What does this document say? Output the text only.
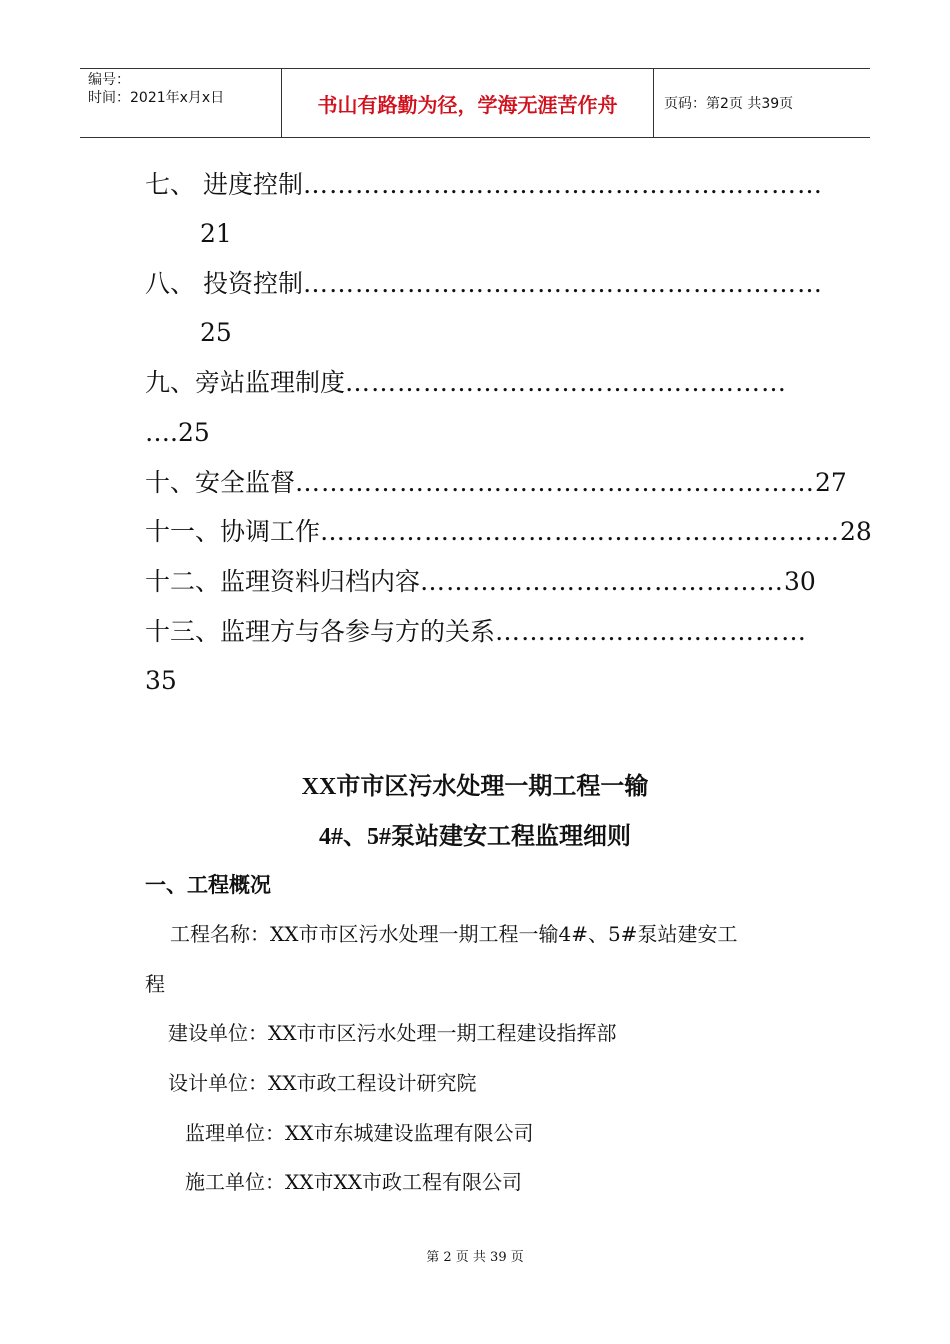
编号：
时间：2021年x月x日	书山有路勤为径，学海无涯苦作舟	页码：第2页 共39页
七、 进度控制……………………………………………………
21
八、 投资控制……………………………………………………
25
九、旁站监理制度……………………………………………
….25
十、安全监督……………………………………………………27
十一、协调工作……………………………………………………28
十二、监理资料归档内容……………………………………30
十三、监理方与各参与方的关系………………………………
35
XX市市区污水处理一期工程一输
4#、5#泵站建安工程监理细则
一、工程概况
工程名称：XX市市区污水处理一期工程一输4#、5#泵站建安工
程
建设单位：XX市市区污水处理一期工程建设指挥部
设计单位：XX市政工程设计研究院
监理单位：XX市东城建设监理有限公司
施工单位：XX市XX市政工程有限公司
第 2 页 共 39 页
